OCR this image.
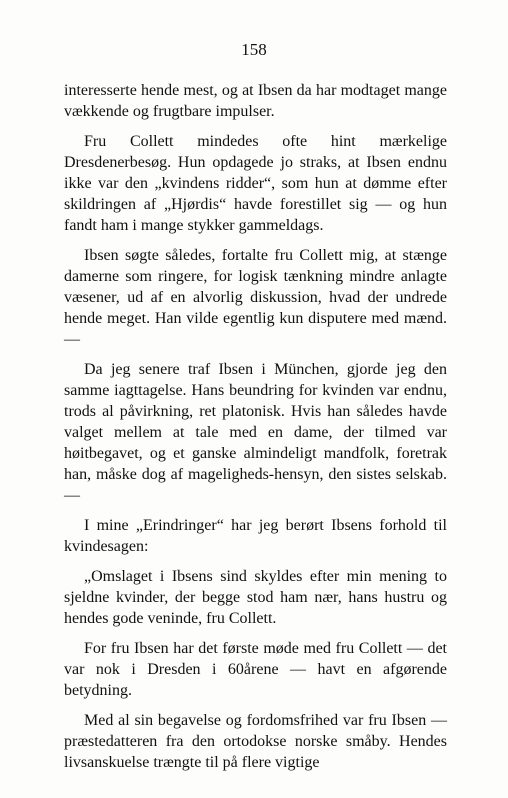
158

interesserte hende mest, og at Ibsen da har modtaget mange vækkende og frugtbare impulser.

Fru Collett mindedes ofte hint mærkelige Dresdenerbesøg. Hun opdagede jo straks, at Ibsen endnu ikke var den „kvindens ridder“, som hun at dømme efter skildringen af „Hjørdis“ havde forestillet sig — og hun fandt ham i mange stykker gammeldags.

Ibsen søgte således, fortalte fru Collett mig, at stænge damerne som ringere, for logisk tænkning mindre anlagte væsener, ud af en alvorlig diskussion, hvad der undrede hende meget. Han vilde egentlig kun disputere med mænd. —

Da jeg senere traf Ibsen i München, gjorde jeg den samme iagttagelse. Hans beundring for kvinden var endnu, trods al påvirkning, ret platonisk. Hvis han således havde valget mellem at tale med en dame, der tilmed var høitbegavet, og et ganske almindeligt mandfolk, foretrak han, måske dog af mageligheds-hensyn, den sistes selskab. —

I mine „Erindringer“ har jeg berørt Ibsens forhold til kvindesagen:

„Omslaget i Ibsens sind skyldes efter min mening to sjeldne kvinder, der begge stod ham nær, hans hustru og hendes gode veninde, fru Collett.

For fru Ibsen har det første møde med fru Collett — det var nok i Dresden i 60årene — havt en afgørende betydning.

Med al sin begavelse og fordomsfrihed var fru Ibsen — præstedatteren fra den ortodokse norske småby. Hendes livsanskuelse trængte til på flere vigtige
